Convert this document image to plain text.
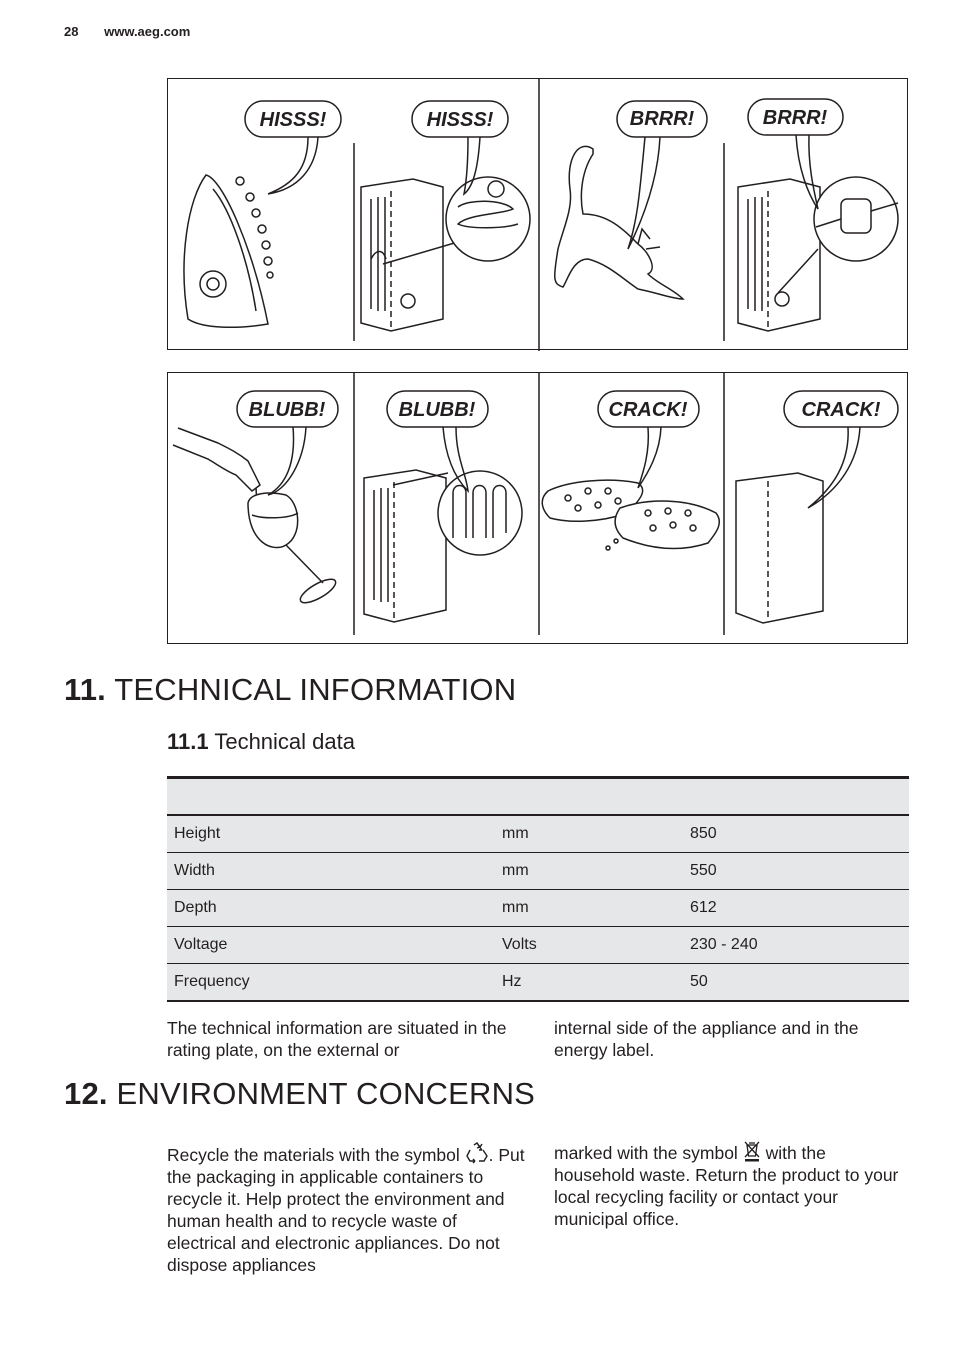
28 www.aeg.com
HISSS!	HISSS!	BRRR!	BRRR!
BLUBB!	BLUBB!	CRACK!	CRACK!
11. TECHNICAL INFORMATION
11.1 Technical data

Height	mm	850
Width	mm	550
Depth	mm	612
Voltage	Volts	230 - 240
Frequency	Hz	50
The technical information are situated in the rating plate, on the external or
internal side of the appliance and in the energy label.
12. ENVIRONMENT CONCERNS
Recycle the materials with the symbol . Put the packaging in applicable containers to recycle it. Help protect the environment and human health and to recycle waste of electrical and electronic appliances. Do not dispose appliances
marked with the symbol  with the household waste. Return the product to your local recycling facility or contact your municipal office.
